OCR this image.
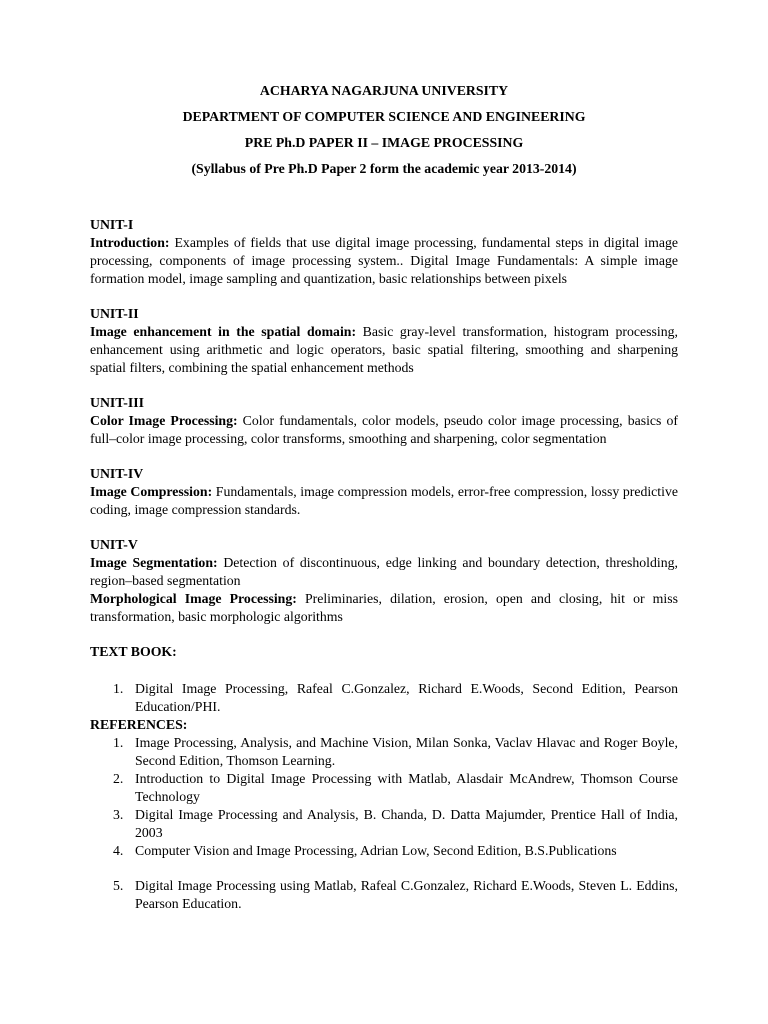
ACHARYA NAGARJUNA UNIVERSITY
DEPARTMENT OF COMPUTER SCIENCE AND ENGINEERING
PRE Ph.D PAPER II – IMAGE PROCESSING
(Syllabus of Pre Ph.D Paper 2 form the academic year 2013-2014)
UNIT-I
Introduction: Examples of fields that use digital image processing, fundamental steps in digital image processing, components of image processing system.. Digital Image Fundamentals: A simple image formation model, image sampling and quantization, basic relationships between pixels
UNIT-II
Image enhancement in the spatial domain: Basic gray-level transformation, histogram processing, enhancement using arithmetic and logic operators, basic spatial filtering, smoothing and sharpening spatial filters, combining the spatial enhancement methods
UNIT-III
Color Image Processing: Color fundamentals, color models, pseudo color image processing, basics of full–color image processing, color transforms, smoothing and sharpening, color segmentation
UNIT-IV
Image Compression: Fundamentals, image compression models, error-free compression, lossy predictive coding, image compression standards.
UNIT-V
Image Segmentation: Detection of discontinuous, edge linking and boundary detection, thresholding, region–based segmentation
Morphological Image Processing: Preliminaries, dilation, erosion, open and closing, hit or miss transformation, basic morphologic algorithms
TEXT BOOK:
1. Digital Image Processing, Rafeal C.Gonzalez, Richard E.Woods, Second Edition, Pearson Education/PHI.
REFERENCES:
1. Image Processing, Analysis, and Machine Vision, Milan Sonka, Vaclav Hlavac and Roger Boyle, Second Edition, Thomson Learning.
2. Introduction to Digital Image Processing with Matlab, Alasdair McAndrew, Thomson Course Technology
3. Digital Image Processing and Analysis, B. Chanda, D. Datta Majumder, Prentice Hall of India, 2003
4. Computer Vision and Image Processing, Adrian Low, Second Edition, B.S.Publications
5. Digital Image Processing using Matlab, Rafeal C.Gonzalez, Richard E.Woods, Steven L. Eddins, Pearson Education.
